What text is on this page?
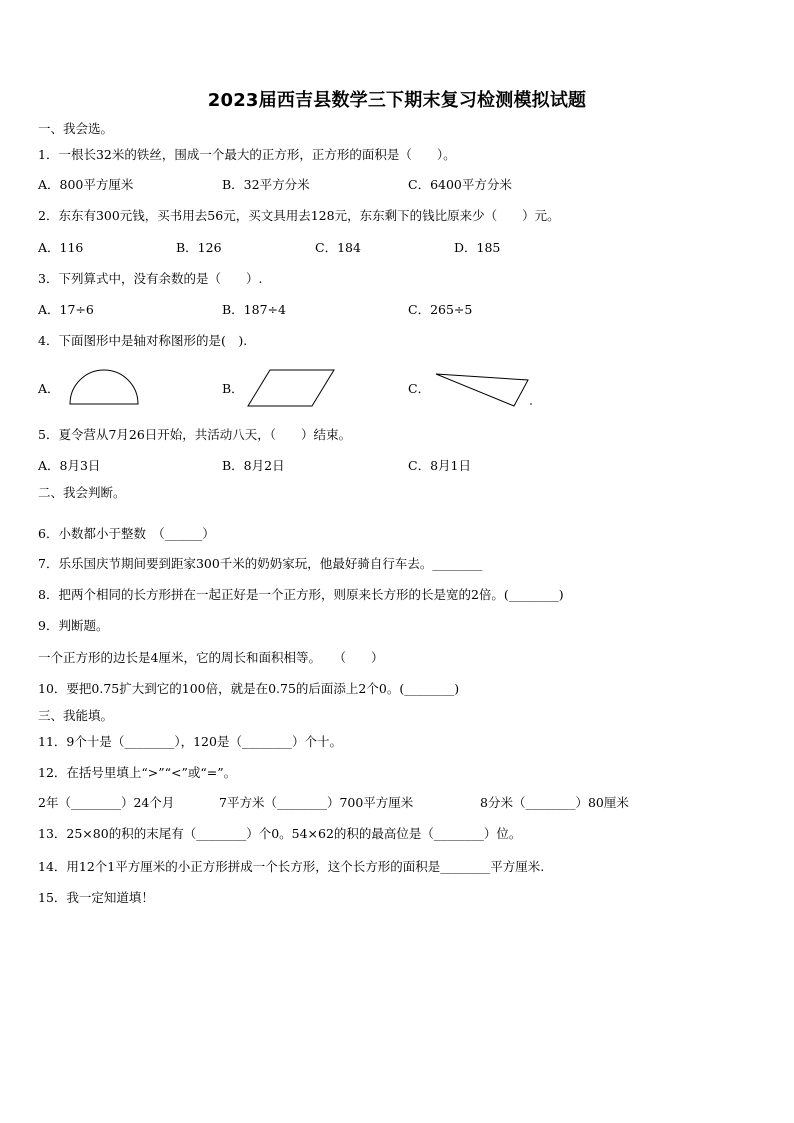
2023届西吉县数学三下期末复习检测模拟试题
一、我会选。
1．一根长32米的铁丝，围成一个最大的正方形，正方形的面积是（　　）。
A．800平方厘米	B．32平方分米	C．6400平方分米
2．东东有300元钱，买书用去56元，买文具用去128元，东东剩下的钱比原来少（　　）元。
A．116	B．126	C．184	D．185
3．下列算式中，没有余数的是（　　）.
A．17÷6	B．187÷4	C．265÷5
4．下面图形中是轴对称图形的是(　).
A．	B．	C．
5．夏令营从7月26日开始，共活动八天，（　　）结束。
A．8月3日	B．8月2日	C．8月1日
二、我会判断。
6．小数都小于整数　（______）
7．乐乐国庆节期间要到距家300千米的奶奶家玩，他最好骑自行车去。________
8．把两个相同的长方形拼在一起正好是一个正方形，则原来长方形的长是宽的2倍。(________)
9．判断题。
一个正方形的边长是4厘米，它的周长和面积相等。　　（　　）
10．要把0.75扩大到它的100倍，就是在0.75的后面添上2个0。(________)
三、我能填。
11．9个十是（________），120是（________）个十。
12．在括号里填上“>”“<”或“=”。
2年（________）24个月	7平方米（________）700平方厘米	8分米（________）80厘米
13．25×80的积的末尾有（________）个0。54×62的积的最高位是（________）位。
14．用12个1平方厘米的小正方形拼成一个长方形，这个长方形的面积是________平方厘米.
15．我一定知道填！
